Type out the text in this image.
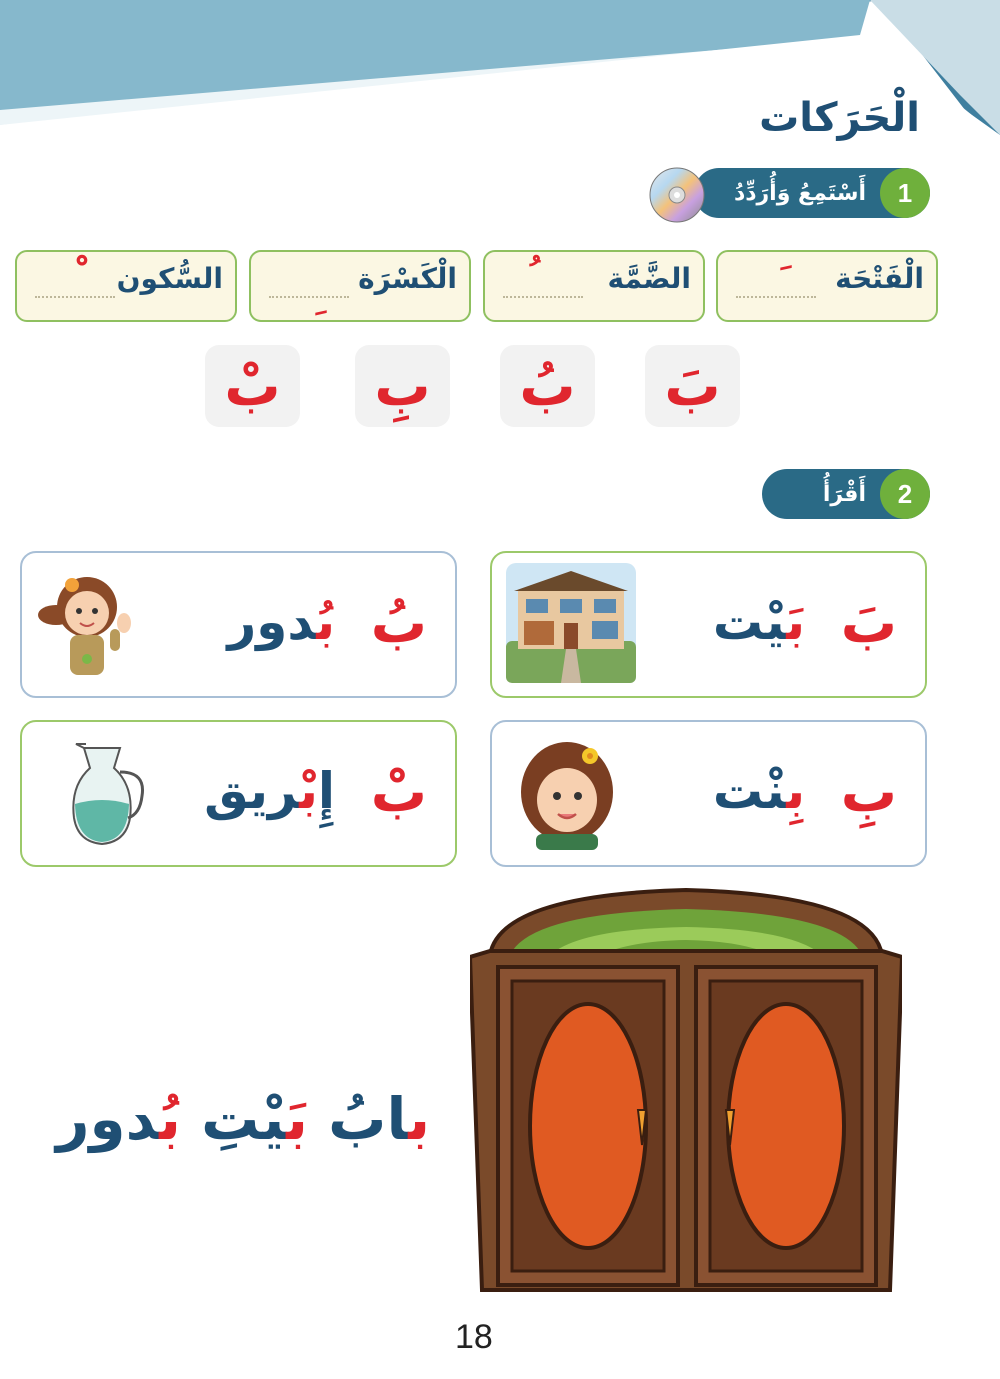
الْحَرَكات
أَسْتَمِعُ وَأُرَدِّدُ	1
الْفَتْحَة
الضَّمَّة
الْكَسْرَة
السُّكون
بَ
بُ
بِ
بْ
أَقْرَأُ	2
بَ
بَيْت
بُ
بُدور
بِ
بِنْت
بْ
إِبْريق
بابُ بَيْتِ بُدور
18
